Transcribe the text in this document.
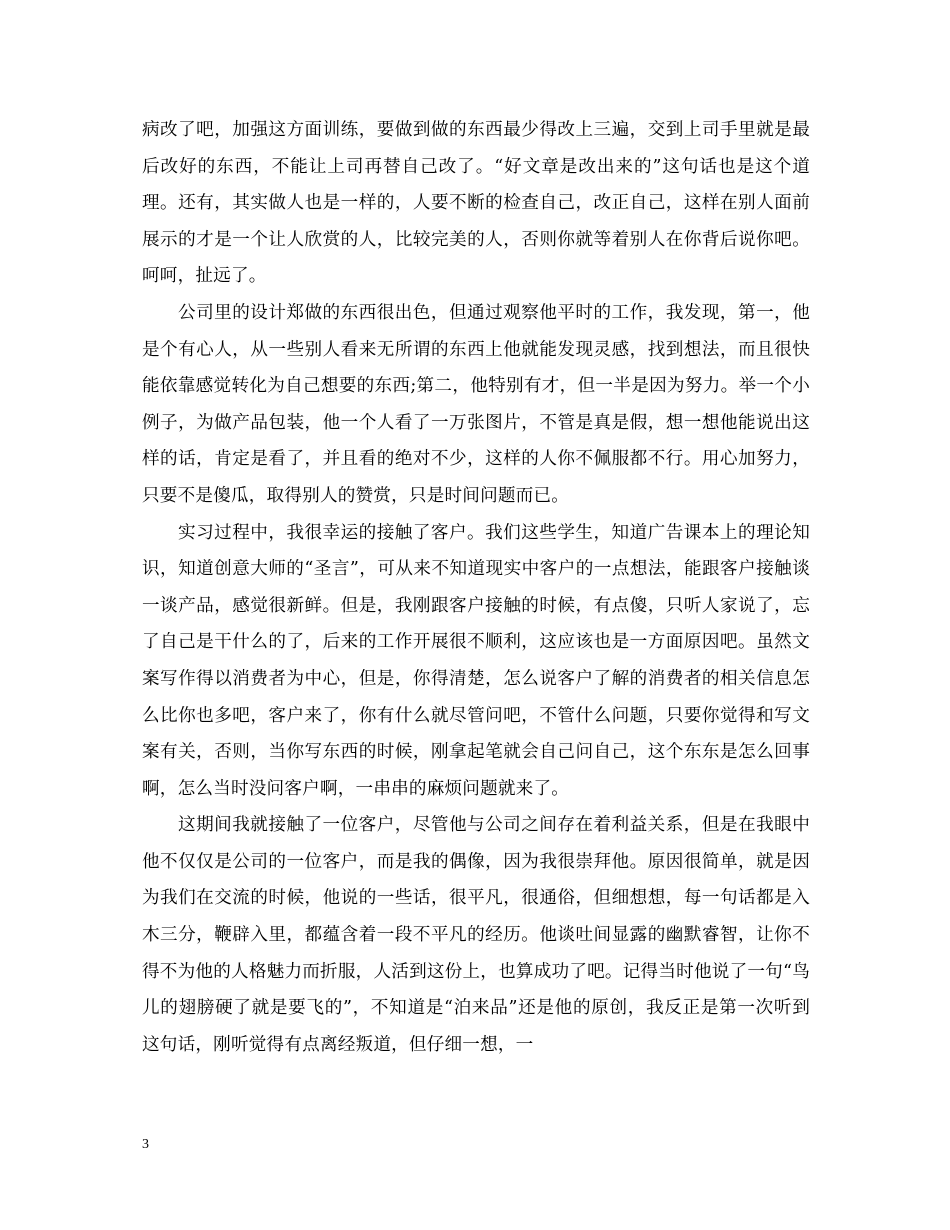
病改了吧，加强这方面训练，要做到做的东西最少得改上三遍，交到上司手里就是最后改好的东西，不能让上司再替自己改了。“好文章是改出来的”这句话也是这个道理。还有，其实做人也是一样的，人要不断的检查自己，改正自己，这样在别人面前展示的才是一个让人欣赏的人，比较完美的人，否则你就等着别人在你背后说你吧。呵呵，扯远了。

公司里的设计郑做的东西很出色，但通过观察他平时的工作，我发现，第一，他是个有心人，从一些别人看来无所谓的东西上他就能发现灵感，找到想法，而且很快能依靠感觉转化为自己想要的东西;第二，他特别有才，但一半是因为努力。举一个小例子，为做产品包装，他一个人看了一万张图片，不管是真是假，想一想他能说出这样的话，肯定是看了，并且看的绝对不少，这样的人你不佩服都不行。用心加努力，只要不是傻瓜，取得别人的赞赏，只是时间问题而已。

实习过程中，我很幸运的接触了客户。我们这些学生，知道广告课本上的理论知识，知道创意大师的“圣言”，可从来不知道现实中客户的一点想法，能跟客户接触谈一谈产品，感觉很新鲜。但是，我刚跟客户接触的时候，有点傻，只听人家说了，忘了自己是干什么的了，后来的工作开展很不顺利，这应该也是一方面原因吧。虽然文案写作得以消费者为中心，但是，你得清楚，怎么说客户了解的消费者的相关信息怎么比你也多吧，客户来了，你有什么就尽管问吧，不管什么问题，只要你觉得和写文案有关，否则，当你写东西的时候，刚拿起笔就会自己问自己，这个东东是怎么回事啊，怎么当时没问客户啊，一串串的麻烦问题就来了。

这期间我就接触了一位客户，尽管他与公司之间存在着利益关系，但是在我眼中他不仅仅是公司的一位客户，而是我的偶像，因为我很崇拜他。原因很简单，就是因为我们在交流的时候，他说的一些话，很平凡，很通俗，但细想想，每一句话都是入木三分，鞭辟入里，都蕴含着一段不平凡的经历。他谈吐间显露的幽默睿智，让你不得不为他的人格魅力而折服，人活到这份上，也算成功了吧。记得当时他说了一句“鸟儿的翅膀硬了就是要飞的”，不知道是“泊来品”还是他的原创，我反正是第一次听到这句话，刚听觉得有点离经叛道，但仔细一想，一

3
